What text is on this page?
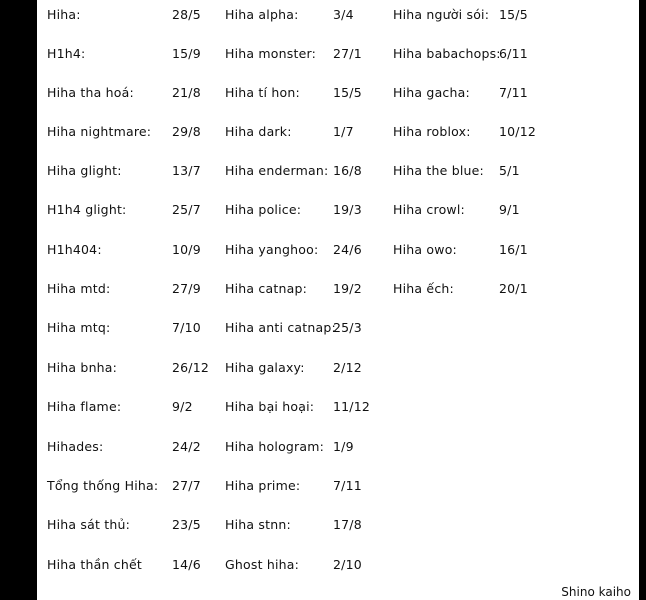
Hiha:	28/5
H1h4:	15/9
Hiha tha hoá:	21/8
Hiha nightmare: 29/8
Hiha glight:	13/7
H1h4 glight:	25/7
H1h404:	10/9
Hiha mtd:	27/9
Hiha mtq:	7/10
Hiha bnha:	26/12
Hiha flame:	9/2
Hihades:	24/2
Tổng thống Hiha: 27/7
Hiha sát thủ:	23/5
Hiha thần chết 14/6
Hiha alpha:	3/4
Hiha monster: 27/1
Hiha tí hon:	15/5
Hiha dark:	1/7
Hiha enderman: 16/8
Hiha police:	19/3
Hiha yanghoo: 24/6
Hiha catnap: 19/2
Hiha anti catnap:
25/3
Hiha galaxy: 2/12
Hiha bại hoại: 11/12
Hiha hologram: 1/9
Hiha prime:	7/11
Hiha stnn:	17/8
Ghost hiha:	2/10
Hiha người sói: 15/5
Hiha babachops:
6/11
Hiha gacha: 7/11
Hiha roblox: 10/12
Hiha the blue: 5/1
Hiha crowl:	9/1
Hiha owo:	16/1
Hiha ếch:	20/1
Shino kaiho
